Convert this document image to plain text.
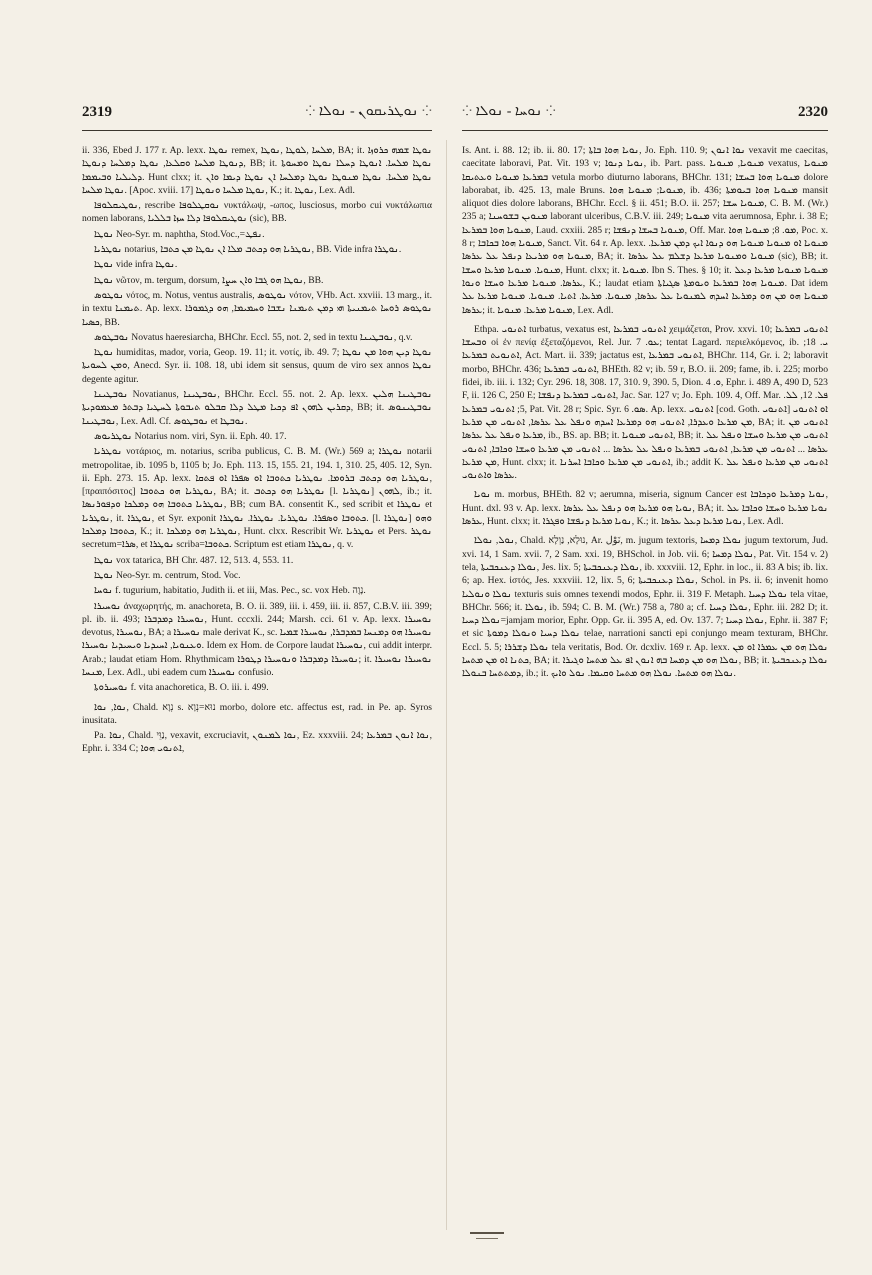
2319	⁘ ܢܘܛܪܝܩܘܢ - ܢܘܠܐ ⁘ ⁘ ܢܘܚܐ - ܢܘܠܐ ⁘	2320

ii. 336, Ebed J. 177 r. Ap. lexx. ܢܘܛܐ remex, ܡܠܚܐ ,ܠܘܛܐ ,ܢܘܛܐ, BA; it. ܢܘܛܐ ܫܡܗ ܟܪܘܙܐ ܕܢܘܛܐ ܡܠܚܐ ܘܩܠܥܐ, ܢܘܛܐ ܕܡܠܚܐ ܕܢܘܛܐ, BB; it. ܢܘܛܐ ܡܠܚܐ. ܐܢܘܛܐ ܕܚܠܐ ܢܘܛܐ ܘܡܚܘܬܐ ܕܠܝܠܝܐ ܘܒܝܡܡܐ. Hunt clxx; it. ܢܘܛܐ ܡܠܚܐ. ܢܘܛܐ ܡܢܘܛܐ ܢܘܛܐ ܕܡܠܚܐ ܐܢ ܢܘܛܐ ܕܝܡܐ ܘܐܢ ܢܘܛܐ ܡܠܚܐ. [Apoc. xviii. 17] ܢܘܛܐ ܡܠܚܐ ܘܢܘܛܐ, K.; it. ܢܘܛܐ, Lex. Adl.

ܢܘܛܝܩܠܘܦܐ, rescribe ܢܘܩܛܠܘܦܐ νυκτάλωψ, -ωπος, lusciosus, morbo cui νυκτάλωπια nomen laborans, ܢܘܛܝܩܠܘܦܐ ܕܠܐ ܚܙܐ ܒܠܠܝܐ (sic), BB.

ܢܘܛܐ Neo-Syr. m. naphtha, Stod.Voc.,=ܢܦܛ.

ܢܘܛܪܝܐ notarius, ܢܘܛܪܝܐ ܗܘ ܕܟܬܒ ܡܠܐ ܐܢ ܢܘܛܐ ܡܢ ܟܬܒܐ, BB. Vide infra ܢܘܛܪܐ.

ܢܘܛܐ vide infra ܢܘܛܐ.

ܢܘܛܐ νῶτον, m. tergum, dorsum, ܢܘܛܐ ܗܘ ܓܒܐ ܘܐܢ ܚܨܐ, BB.

ܢܘܛܘܣ νότος, m. Notus, ventus australis, ܢܘܛܘܣ νότον, VHb. Act. xxviii. 13 marg., it. in textu ܬܝܡܢܐ. Ap. lexx. ܢܘܛܘܣ ܪܘܚܐ ܬܝܡܢܝܬܐ ܗܝ ܕܡܢ ܬܝܡܢܐ ܢܫܒܐ ܘܚܡܝܡܐ, ܗܘ ܕܓܡܘܪܐ ܟܣܝܐ, BB.

ܢܘܒܛܘܣ Novatus haeresiarcha, BHChr. Eccl. 55, not. 2, sed in textu ܢܘܒܛܝܢܐ, q.v.

ܢܘܛܐ humiditas, mador, voria, Geop. 19. 11; it. νοτίς, ib. 49. 7; ܢܘܛܐ ܕܝܢ ܗܘܐ ܡܢ ܢܘܛܐ ܘܡܢ ܠܚܘܝܬܐ, Anecd. Syr. ii. 108. 18, ubi idem sit sensus, quum de viro sex annos ܢܘܛܐ degente agitur.

ܢܘܒܛܝܢܐ Novatianus, ܢܘܒܛܝܢܐ, BHChr. Eccl. 55. not. 2. Ap. lexx. ܢܘܒܛܝܢܐ ܗܠܝܢ ܕܩܪܝܢ ܠܗܘܢ ܐܦ ܕܟܝܐ ܡܛܠ ܕܠܐ ܩܒܠܘ ܬܝܒܘܬܐ ܠܚܛܝܐ ܕܒܬܪ ܡܥܡܘܕܝܬܐ, BB; it. ܢܘܒܛܝܢܘܣ ܢܘܒܛܝܢܐ, Lex. Adl. Cf. ܢܘܒܛܘܣ et ܢܘܒܛܐ.

ܢܘܛܪܝܘܣ Notarius nom. viri, Syn. ii. Eph. 40. 17.

ܢܘܛܪܝܐ νοτάριος, m. notarius, scriba publicus, C. B. M. (Wr.) 569 a; ܢܘܛܪܐ notarii metropolitae, ib. 1095 b, 1105 b; Jo. Eph. 113. 15, 155. 21, 194. 1, 310. 25, 405. 12, Syn. ii. Eph. 273. 15. Ap. lexx. ܢܘܛܪܝܐ ܗܘ ܕܟܬܒ ܒܪܘܡܐ. ܢܘܛܪܝܐ ܟܬܘܒܐ ܐܘ ܣܦܪܐ ܐܘ ܦܬܩܐ, [πραιπόσιτος] ܢܘܛܪܝܐ ܗܘ ܟܬܘܒܐ, BA; it. ܢܘܛܪܝܐ ܗܘ ܕܟܬܒ [l. ܢܘܛܪܝܐ] ܠܗܘܢ, ib.; it. ܢܘܛܪܝܐ ܟܬܘܒܐ ܗܘ ܕܡܠܟܐ ܘܕܦܘܪܢܣܐ, BB; cum BA. consentit K., sed scribit et ܢܘܛܪܐ et ܢܘܛܪܝܐ, it. ܢܘܛܪܐ, et Syr. exponit ܟܬܘܒܐ ܘܣܦܪܐ. ܢܘܛܪܝܐ. ܢܘܛܪܐ. ܢܘܛܪܐ. [l. ܢܘܛܪܐ] ܘܗܘ ܟܬܘܒܐ ܕܡܠܟܐ, K.; it. ܢܘܛܪܝܐ ܗܘ ܕܡܠܟܐ, Hunt. clxx. Rescribit Wr. ܢܘܛܪܝܐ et Pers. ܢܘܛܪ secretum=ܣܪܐ, et ܢܘܛܪܐ scriba=ܟܬܘܒܐ. Scriptum est etiam ܢܘܛܪܐ, q. v.

ܢܘܛܐ vox tatarica, BH Chr. 487. 12, 513. 4, 553. 11.

ܢܘܛܐ Neo-Syr. m. centrum, Stod. Voc.

ܢܘܚܐ f. tugurium, habitatio, Judith ii. et iii, Mas. Pec., sc. vox Heb. נָוֶה.

ܢܘܚܝܪܐ ἀναχωρητής, m. anachoreta, B. O. ii. 389, iii. i. 459, iii. ii. 857, C.B.V. iii. 399; pl. ib. ii. 493; ܢܘܚܝܪܐ ܕܡܕܒܪܐ, Hunt. cccxli. 244; Marsh. cci. 61 v. Ap. lexx. ܢܘܚܝܪܐ devotus, ܢܘܚܝܪܐ, BA; a ܢܘܚܝܪܐ male derivat K., sc. ܢܘܚܝܪܐ ܗܘ ܕܡܢܚܐ ܒܡܕܒܪܐ, ܢܘܚܝܪܐ ܫܡܝܐ ܘܥܢܘܝܐ, ܐܚܝܕܝܐ ܘܝܚܝܕܝܐ ܢܘܚܝܪܐ. Idem ex Hom. de Corpore laudat ܢܘܚܝܪܐ, cui addit interpr. Arab.; laudat etiam Hom. Rhythmicam ܢܘܚܝܪܐ ܕܡܕܒܪܐ ܘܢܘܚܝܪܐ ܕܛܘܪܐ; it. ܢܘܚܝܪܐ ܢܘܚܝܪܐ ܡܢܚܐ, Lex. Adl., ubi eadem cum ܢܘܚܝܪܐ confusio.

ܢܘܚܝܪܘܬܐ f. vita anachoretica, B. O. iii. i. 499.

ܢܘܐ, ܢܘܐ, Chald. נְוָא s. נוּא=נְוָא morbo, dolore etc. affectus est, rad. in Pe. ap. Syros inusitata.

Pa. ܢܘܐ, Chald. נַוֵּי, vexavit, excruciavit, ܢܘܐ ܠܡܢܘܢ, Ez. xxxviii. 24; ܢܘܐ ܐܢܘܢ ܒܡܪܥܐ, Ephr. i. 334 C; ܐܬܢܘܝ ܗܘܐ,

Is. Ant. i. 88. 12; ib. ii. 80. 17; ܢܘܝܐ ܗܘܐ ܒܐܬܐ, Jo. Eph. 110. 9; ܢܘܐ ܐܢܘܢ vexavit me caecitas, caecitate laboravi, Pat. Vit. 193 v; ܢܘܝܐ ܕܢܘܐ, ib. Part. pass. ܡܢܘܝܐ, ܡܢܘܝܐ vexatus, ܡܢܘܝܐ ܒܡܪܥܐ ܡܢܘܝܐ ܘܥܬܝܩܐ vetula morbo diuturno laborans, BHChr. 131; ܡܢܘܝܐ ܗܘܐ ܒܚܫܐ dolore laborabat, ib. 425. 13, male Bruns. ܡܢܘܝܐ; ܡܢܘܝܐ ܗܘܐ, ib. 436; ܡܢܘܝܐ ܗܘܐ ܒܝܘܡܬܐ mansit aliquot dies dolore laborans, BHChr. Eccl. § ii. 451; B.O. ii. 257; ܡܢܘܝܐ ܚܫܐ, C. B. M. (Wr.) 235 a; ܡܢܘܝܢ ܒܫܘܚܢܐ laborant ulceribus, C.B.V. iii. 249; ܡܢܘܝܐ vita aerumnosa, Ephr. i. 38 E; ܡܢܘܝܐ ܗܘܐ ܒܡܪܥܐ, Laud. cxxiii. 285 r; ܡܢܘܝܐ ܒܚܫܐ ܕܢܦܫܐ, Off. Mar. ܡܘ. 8; ܡܢܘܝܐ ܗܘܐ, Poc. x. 8 r; ܡܢܘܝܐ ܗܘܐ ܒܟܐܒܐ, Sanct. Vit. 64 r. Ap. lexx. ܡܢܘܝܐ ܐܘ ܡܢܘܝܐ ܡܢܘܝܐ ܗܘ ܕܢܘܐ ܐܝܟ ܕܡܢ ܡܪܥܐ. ܡܢܘܝܐ ܗܘ ܡܪܝܥܐ ܕܢܦܠ ܥܠ ܥܪܣܐ, BA; it. ܡܢܘܝܐ ܘܡܢܘܝܐ ܡܪܥܐ ܕܫܠܡ ܥܠ ܥܪܣܐ (sic), BB; it. ܡܢܘܝܐ. ܡܢܘܝܐ ܡܪܥܐ ܘܚܫܐ, Hunt. clxx; it. ܡܢܘܝܐ. Ibn S. Thes. § 10; it. ܡܢܘܝܐ ܡܢܘܝܐ ܡܪܥܐ ܕܥܠ ܥܪܣܐ. ܡܢܘܝܐ ܡܪܥܐ ܘܚܫܐ ܘܢܘܐ, K.; laudat etiam ܡܢܘܝܐ ܗܘܐ ܒܡܪܥܐ ܘܝܘܡܬܐ ܣܓܝܐܬܐ. Dat idem ܡܢܘܝܐ ܗܘ ܡܢ ܗܘ ܕܡܪܥܐ ܐܚܕܗ ܠܡܢܘܝܐ ܥܠ ܥܪܣܐ, ܡܢܘܝܐ. ܡܪܥܐ. ܐܬܝܐ. ܡܢܘܝܐ. ܡܢܘܝܐ ܡܪܥܐ ܥܠ ܥܪܣܐ; it. ܡܢܘܝܐ ܡܪܥܐ. ܡܢܘܝܐ, Lex. Adl.

Ethpa. ܐܬܢܘܝ turbatus, vexatus est, ܐܬܢܘܝ ܒܡܪܥܐ χειμάζεται, Prov. xxvi. 10; ܐܬܢܘܝ ܒܡܪܥܐ ܘܒܚܫܐ οἱ ἐν πενίᾳ ἐξεταζόμενοι, Rel. Jur. ܥܘ. 7; tentat Lagard. περιελκόμενος, ib. ܝ. 18; ܐܬܢܘܝܬ ܒܡܪܥܐ, Act. Mart. ii. 339; jactatus est, ܐܬܢܘܝ ܒܡܪܥܐ, BHChr. 114, Gr. i. 2; laboravit morbo, BHChr. 436; ܐܬܢܘܝ ܒܡܪܥܐ, BHEth. 82 v; ib. 59 r, B.O. ii. 209; fame, ib. i. 225; morbo fidei, ib. iii. i. 132; Cyr. 296. 18, 308. 17, 310. 9, 390. 5, Dion. ܘ. 4, Ephr. i. 489 A, 490 D, 523 F, ii. 126 C, 250 E; ܐܬܢܘܝ ܒܡܪܥܐ ܕܢܦܫܐ, Jac. Sar. 127 v; Jo. Eph. 109. 4, Off. Mar. ܦܠ. 12, ܠܠ. 5; ܐܬܢܘܝ ܒܡܪܥܐ, Pat. Vit. 28 r; Spic. Syr. ܣܘ. 6. Ap. lexx. ܐܬܢܘܝ [cod. Goth. ܐܬܢܘܝ] ܐܘ ܐܬܢܘܝ ܡܢ ܡܪܥܐ ܘܥܕܪܐ, ܐܬܢܘܝ ܗܘ ܕܡܪܥܐ ܐܚܕܗ ܘܢܦܠ ܥܠ ܥܪܣܐ, ܐܬܢܘܝ ܡܢ ܡܪܥܐ, BA; it. ܐܬܢܘܝ ܡܢ ܡܪܥܐ ܘܢܦܠ ܥܠ ܥܪܣܐ, ib., BS. ap. BB; it. ܐܬܢܘܝ ܡܢܘܝܐ, BB; it. ܐܬܢܘܝ ܡܢ ܡܪܥܐ ܘܚܫܐ ܘܢܦܠ ܥܠ ܥܪܣܐ ... ܐܬܢܘܝ ܡܢ ܡܪܥܐ, ܐܬܢܘܝ ܒܡܪܥܐ ܘܢܦܠ ܥܠ ܥܪܣܐ ... ܐܬܢܘܝ ܡܢ ܡܪܥܐ ܘܚܫܐ ܘܟܐܒܐ, ܐܬܢܘܝ ܡܢ ܡܪܥܐ, Hunt. clxx; it. ܐܬܢܘܝ ܡܢ ܡܪܥܐ ܘܟܐܒܐ ܐܚܪܢܐ, ib.; addit K. ܐܬܢܘܝ ܡܢ ܡܪܥܐ ܘܢܦܠ ܥܠ ܥܪܣܐ ܘܐܬܢܘܝ.

ܢܘܝܐ m. morbus, BHEth. 82 v; aerumna, miseria, signum Cancer est ܢܘܝܐ ܕܡܪܥܐ ܘܕܟܐܒܐ, Hunt. dxl. 93 v. Ap. lexx. ܢܘܝܐ ܗܘ ܡܪܥܐ ܗܘ ܕܢܦܠ ܥܠ ܥܪܣܐ, BA; it. ܢܘܝܐ ܡܪܥܐ ܘܚܫܐ ܘܟܐܒܐ ܥܠ ܥܪܣܐ, Hunt. clxx; it. ܢܘܝܐ ܡܪܥܐ ܕܢܦܫܐ ܘܦܓܪܐ, K.; it. ܢܘܝܐ ܡܪܥܐ ܕܥܠ ܥܪܣܐ, Lex. Adl.

ܢܘܠ, ܢܘܠܐ, Chald. נוּלָא, נַוְלָא, Ar. نَوْل, m. jugum textoris, ܢܘܠܐ ܕܡܚܐ jugum textorum, Jud. xvi. 14, 1 Sam. xvii. 7, 2 Sam. xxi. 19, BHSchol. in Job. vii. 6; ܢܘܠܐ ܕܡܚܐ, Pat. Vit. 154 v. 2) tela, ܢܘܠܐ ܕܥܢܟܒܝܬܐ, Jes. lix. 5; ܢܘܠܐ ܕܥܢܟܒܝܬܐ, ib. xxxviii. 12, Ephr. in loc., ii. 83 A bis; ib. lix. 6; ap. Hex. ἱστός, Jes. xxxviii. 12, lix. 5, 6; ܢܘܠܐ ܕܥܢܟܒܝܬܐ, Schol. in Ps. ii. 6; invenit homo ܢܘܠܐ ܘܢܘܠܝܐ texturis suis omnes texendi modos, Ephr. ii. 319 F. Metaph. ܢܘܠܐ ܕܚܝܐ tela vitae, BHChr. 566; it. ܢܘܠܐ, ib. 594; C. B. M. (Wr.) 758 a, 780 a; cf. ܢܘܠܐ ܕܚܝܐ, Ephr. iii. 282 D; it. ܢܘܠܐ ܕܚܝܐ=jamjam morior, Ephr. Opp. Gr. ii. 395 A, ed. Ov. 137. 7; ܢܘܠܐ ܕܚܝܐ, Ephr. ii. 387 F; et sic ܢܘܠܐ ܕܚܝܐ ܘܢܘܠܐ ܕܡܘܬܐ telae, narrationi sancti epi conjungo meam texturam, BHChr. Eccl. 5. 5; ܢܘܠܐ ܕܫܪܪܐ tela veritatis, Bod. Or. dcxliv. 169 r. Ap. lexx. ܢܘܠܐ ܗܘ ܡܢ ܥܡܪܐ ܐܘ ܡܢ ܟܬܢܐ ܐܘ ܡܢ ܡܬܚܐ, BA; it. ܢܘܠܐ ܗܘ ܡܢ ܕܡܚܐ ܒܗ ܐܢܘܢ ܐܦ ܥܠ ܡܬܚܐ ܘܓܝܪܐ, BB; it. ܢܘܠܐ ܕܥܢܟܒܝܬܐ ܕܡܬܬܚܐ ܒܢܘܠܐ, ib.; it. ܢܘܠܐ ܗܘ ܡܬܚܐ. ܢܘܠܐ ܗܘ ܡܬܚܐ ܘܩܝܡܐ. ܢܘܠ ܘܐܝܟ.
